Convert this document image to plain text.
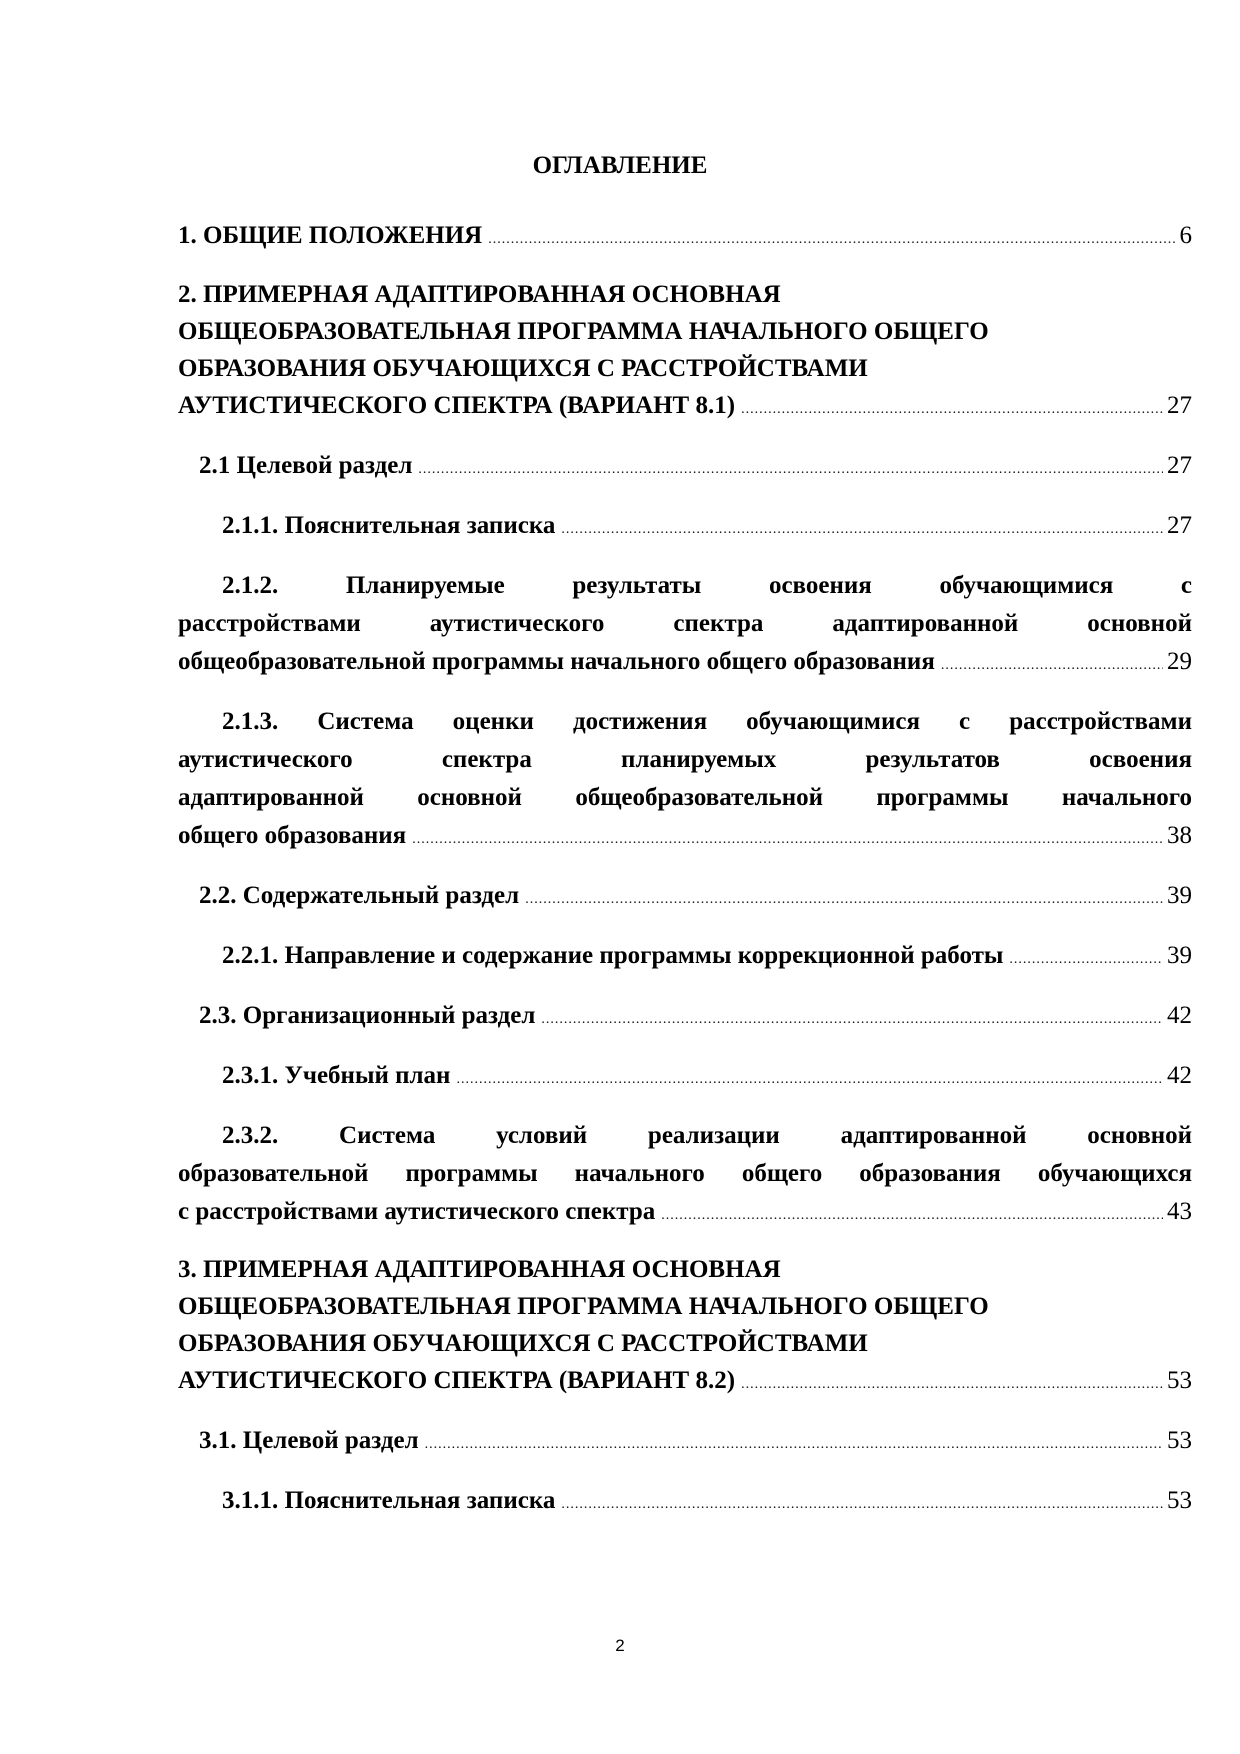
ОГЛАВЛЕНИЕ
1. ОБЩИЕ ПОЛОЖЕНИЯ .....	6
2. ПРИМЕРНАЯ АДАПТИРОВАННАЯ ОСНОВНАЯ
ОБЩЕОБРАЗОВАТЕЛЬНАЯ ПРОГРАММА НАЧАЛЬНОГО ОБЩЕГО
ОБРАЗОВАНИЯ ОБУЧАЮЩИХСЯ С РАССТРОЙСТВАМИ
АУТИСТИЧЕСКОГО СПЕКТРА (ВАРИАНТ 8.1) .....	27
2.1 Целевой раздел .....	27
2.1.1. Пояснительная записка .....	27
2.1.2. Планируемые результаты освоения обучающимися с
расстройствами аутистического спектра адаптированной основной
общеобразовательной программы начального общего образования .....	29
2.1.3. Система оценки достижения обучающимися с расстройствами
аутистического спектра планируемых результатов освоения
адаптированной основной общеобразовательной программы начального
общего образования .....	38
2.2. Содержательный раздел .....	39
2.2.1. Направление и содержание программы коррекционной работы .....	39
2.3. Организационный раздел .....	42
2.3.1. Учебный план .....	42
2.3.2. Система условий реализации адаптированной основной
образовательной программы начального общего образования обучающихся
с расстройствами аутистического спектра .....	43
3. ПРИМЕРНАЯ АДАПТИРОВАННАЯ ОСНОВНАЯ
ОБЩЕОБРАЗОВАТЕЛЬНАЯ ПРОГРАММА НАЧАЛЬНОГО ОБЩЕГО
ОБРАЗОВАНИЯ ОБУЧАЮЩИХСЯ С РАССТРОЙСТВАМИ
АУТИСТИЧЕСКОГО СПЕКТРА (ВАРИАНТ 8.2) .....	53
3.1. Целевой раздел .....	53
3.1.1. Пояснительная записка .....	53
2
